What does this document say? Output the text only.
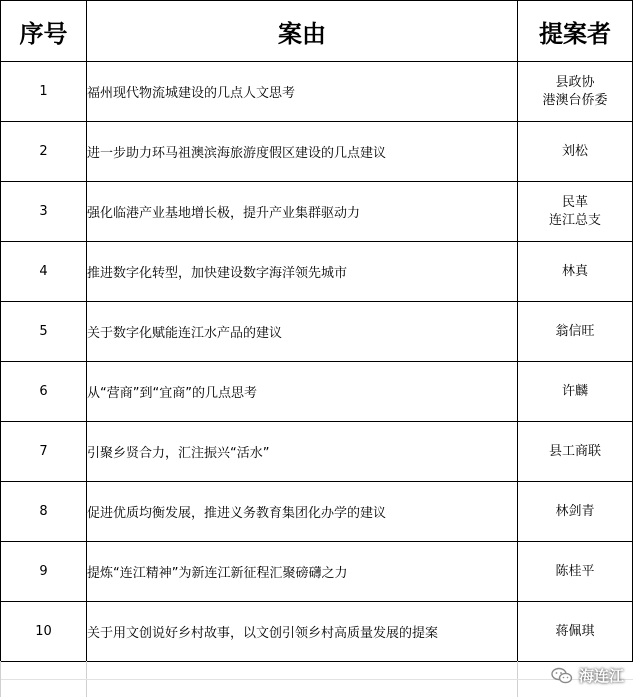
序号	案由	提案者
1	福州现代物流城建设的几点人文思考	县政协
港澳台侨委

2	进一步助力环马祖澳滨海旅游度假区建设的几点建议	刘松

3	强化临港产业基地增长极，提升产业集群驱动力	民革
连江总支

4	推进数字化转型，加快建设数字海洋领先城市	林真

5	关于数字化赋能连江水产品的建议	翁信旺

6	从“营商”到“宜商”的几点思考	许麟

7	引聚乡贤合力，汇注振兴“活水”	县工商联

8	促进优质均衡发展，推进义务教育集团化办学的建议	林剑青

9	提炼“连江精神”为新连江新征程汇聚磅礴之力	陈桂平

10	关于用文创说好乡村故事，以文创引领乡村高质量发展的提案	蒋佩琪
海连江
